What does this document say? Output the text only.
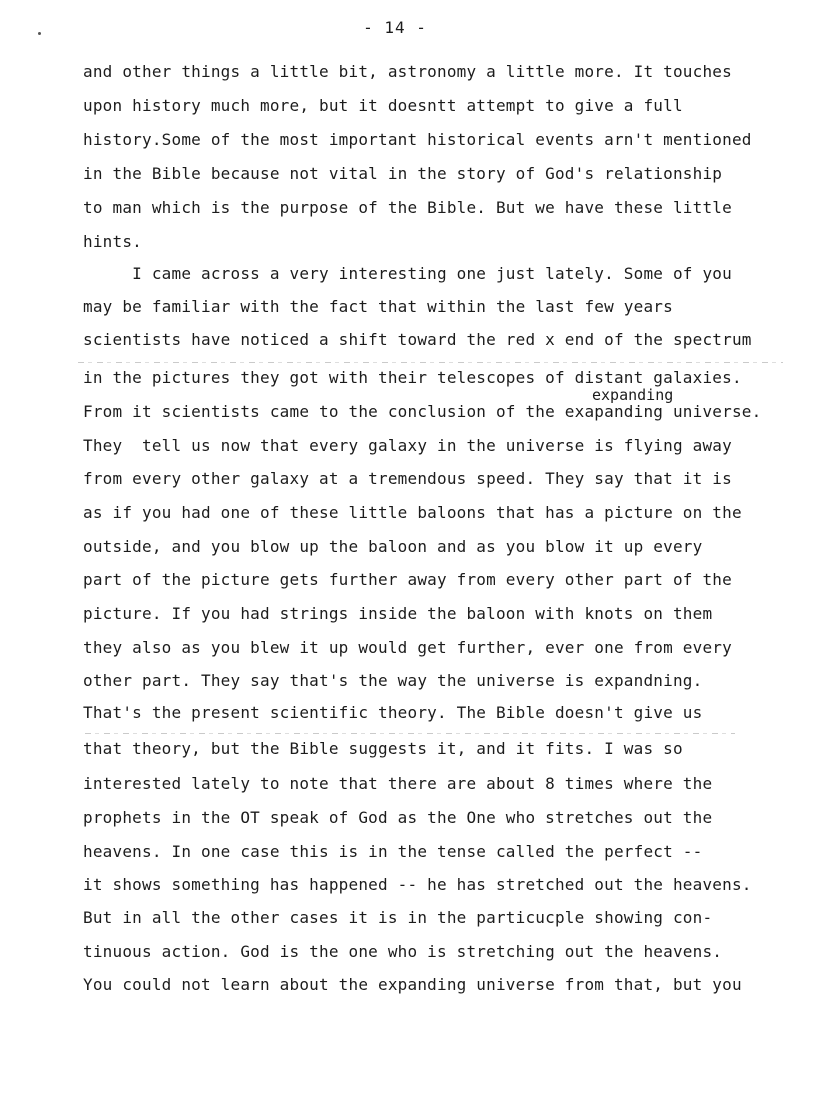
- 14 -
and other things a little bit, astronomy a little more. It touches
upon history much more, but it doesntt attempt to give a full
history.Some of the most important historical events arn't mentioned
in the Bible because not vital in the story of God's relationship
to man which is the purpose of the Bible. But we have these little
hints.
I came across a very interesting one just lately. Some of you
may be familiar with the fact that within the last few years
scientists have noticed a shift toward the red x end of the spectrum
in the pictures they got with their telescopes of distant galaxies.
expanding
From it scientists came to the conclusion of the exapanding universe.
They  tell us now that every galaxy in the universe is flying away
from every other galaxy at a tremendous speed. They say that it is
as if you had one of these little baloons that has a picture on the
outside, and you blow up the baloon and as you blow it up every
part of the picture gets further away from every other part of the
picture. If you had strings inside the baloon with knots on them
they also as you blew it up would get further, ever one from every
other part. They say that's the way the universe is expandning.
That's the present scientific theory. The Bible doesn't give us
that theory, but the Bible suggests it, and it fits. I was so
interested lately to note that there are about 8 times where the
prophets in the OT speak of God as the One who stretches out the
heavens. In one case this is in the tense called the perfect --
it shows something has happened -- he has stretched out the heavens.
But in all the other cases it is in the particucple showing con-
tinuous action. God is the one who is stretching out the heavens.
You could not learn about the expanding universe from that, but you
